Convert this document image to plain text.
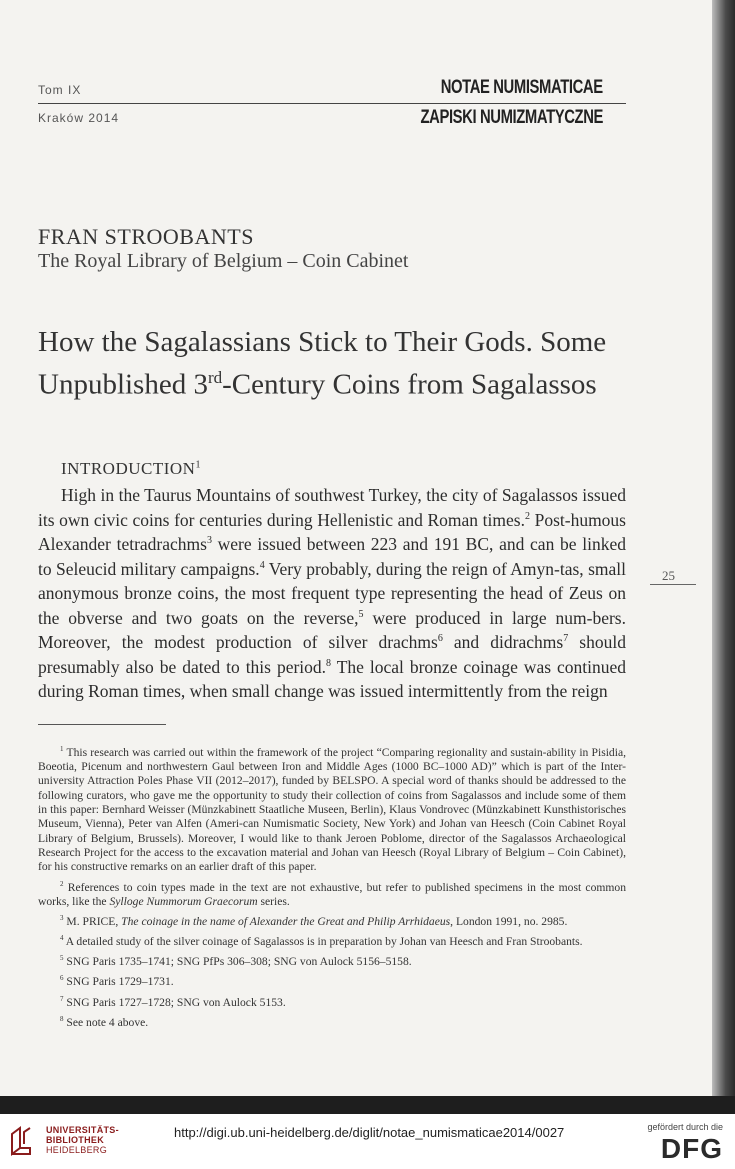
Tom IX	NOTAE NUMISMATICAE
Kraków 2014	ZAPISKI NUMIZMATYCZNE
FRAN STROOBANTS
The Royal Library of Belgium – Coin Cabinet
How the Sagalassians Stick to Their Gods. Some Unpublished 3rd-Century Coins from Sagalassos
INTRODUCTION$^1$
High in the Taurus Mountains of southwest Turkey, the city of Sagalassos issued its own civic coins for centuries during Hellenistic and Roman times.$^2$ Post-humous Alexander tetradrachms$^3$ were issued between 223 and 191 BC, and can be linked to Seleucid military campaigns.$^4$ Very probably, during the reign of Amyn-tas, small anonymous bronze coins, the most frequent type representing the head of Zeus on the obverse and two goats on the reverse,$^5$ were produced in large num-bers. Moreover, the modest production of silver drachms$^6$ and didrachms$^7$ should presumably also be dated to this period.$^8$ The local bronze coinage was continued during Roman times, when small change was issued intermittently from the reign
25

$^1$ This research was carried out within the framework of the project “Comparing regionality and sustain-ability in Pisidia, Boeotia, Picenum and northwestern Gaul between Iron and Middle Ages (1000 BC–1000 AD)” which is part of the Inter-university Attraction Poles Phase VII (2012–2017), funded by BELSPO. A special word of thanks should be addressed to the following curators, who gave me the opportunity to study their collection of coins from Sagalassos and include some of them in this paper: Bernhard Weisser (Münzkabinett Staatliche Museen, Berlin), Klaus Vondrovec (Münzkabinett Kunsthistorisches Museum, Vienna), Peter van Alfen (Ameri-can Numismatic Society, New York) and Johan van Heesch (Coin Cabinet Royal Library of Belgium, Brussels). Moreover, I would like to thank Jeroen Poblome, director of the Sagalassos Archaeological Research Project for the access to the excavation material and Johan van Heesch (Royal Library of Belgium – Coin Cabinet), for his constructive remarks on an earlier draft of this paper.

$^2$ References to coin types made in the text are not exhaustive, but refer to published specimens in the most common works, like the Sylloge Nummorum Graecorum series.

$^3$ M. PRICE, The coinage in the name of Alexander the Great and Philip Arrhidaeus, London 1991, no. 2985.

$^4$ A detailed study of the silver coinage of Sagalassos is in preparation by Johan van Heesch and Fran Stroobants.

$^5$ SNG Paris 1735–1741; SNG PfPs 306–308; SNG von Aulock 5156–5158.

$^6$ SNG Paris 1729–1731.

$^7$ SNG Paris 1727–1728; SNG von Aulock 5153.

$^8$ See note 4 above.

UNIVERSITÄTS-
BIBLIOTHEK
HEIDELBERG
http://digi.ub.uni-heidelberg.de/diglit/notae_numismaticae2014/0027	gefördert durch die
DFG
